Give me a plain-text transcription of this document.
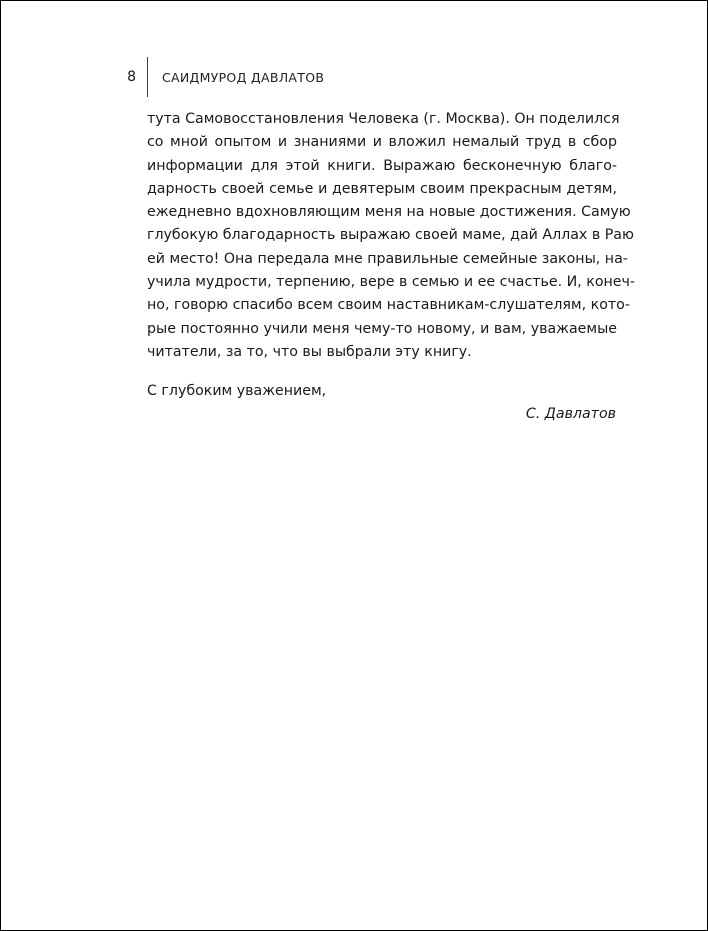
8 САИДМУРОД ДАВЛАТОВ
тута Самовосстановления Человека (г. Москва). Он поделился
со мной опытом и знаниями и вложил немалый труд в сбор
информации для этой книги. Выражаю бесконечную благо-
дарность своей семье и девятерым своим прекрасным детям,
ежедневно вдохновляющим меня на новые достижения. Самую
глубокую благодарность выражаю своей маме, дай Аллах в Раю
ей место! Она передала мне правильные семейные законы, на-
учила мудрости, терпению, вере в семью и ее счастье. И, конеч-
но, говорю спасибо всем своим наставникам-слушателям, кото-
рые постоянно учили меня чему-то новому, и вам, уважаемые
читатели, за то, что вы выбрали эту книгу.
С глубоким уважением,
С. Давлатов
